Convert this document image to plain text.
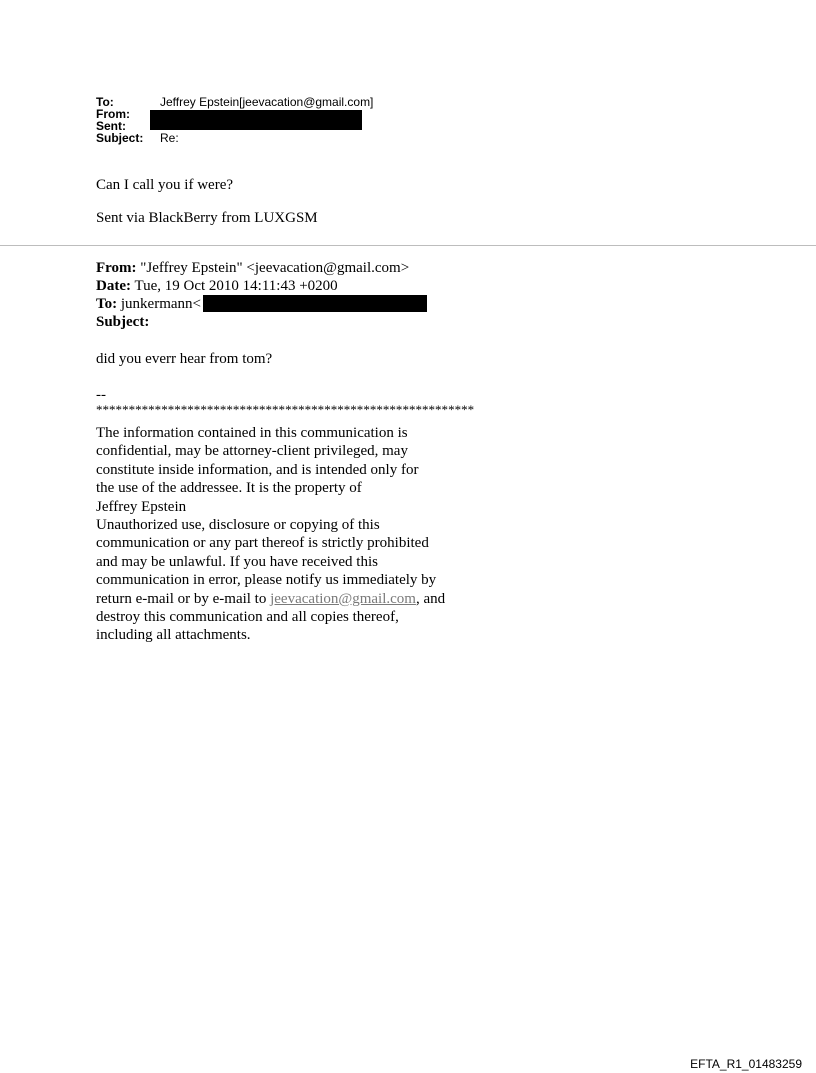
To:	Jeffrey Epstein[jeevacation@gmail.com]
From:
Sent:
Subject: Re:
Can I call you if were?
Sent via BlackBerry from LUXGSM
From: "Jeffrey Epstein" <jeevacation@gmail.com>
Date: Tue, 19 Oct 2010 14:11:43 +0200
To: junkermann<
Subject:
did you everr hear from tom?
--
**********************************************************
The information contained in this communication is
confidential, may be attorney-client privileged, may
constitute inside information, and is intended only for
the use of the addressee. It is the property of
Jeffrey Epstein
Unauthorized use, disclosure or copying of this
communication or any part thereof is strictly prohibited
and may be unlawful. If you have received this
communication in error, please notify us immediately by
return e-mail or by e-mail to jeevacation@gmail.com, and
destroy this communication and all copies thereof,
including all attachments.
EFTA_R1_01483259
